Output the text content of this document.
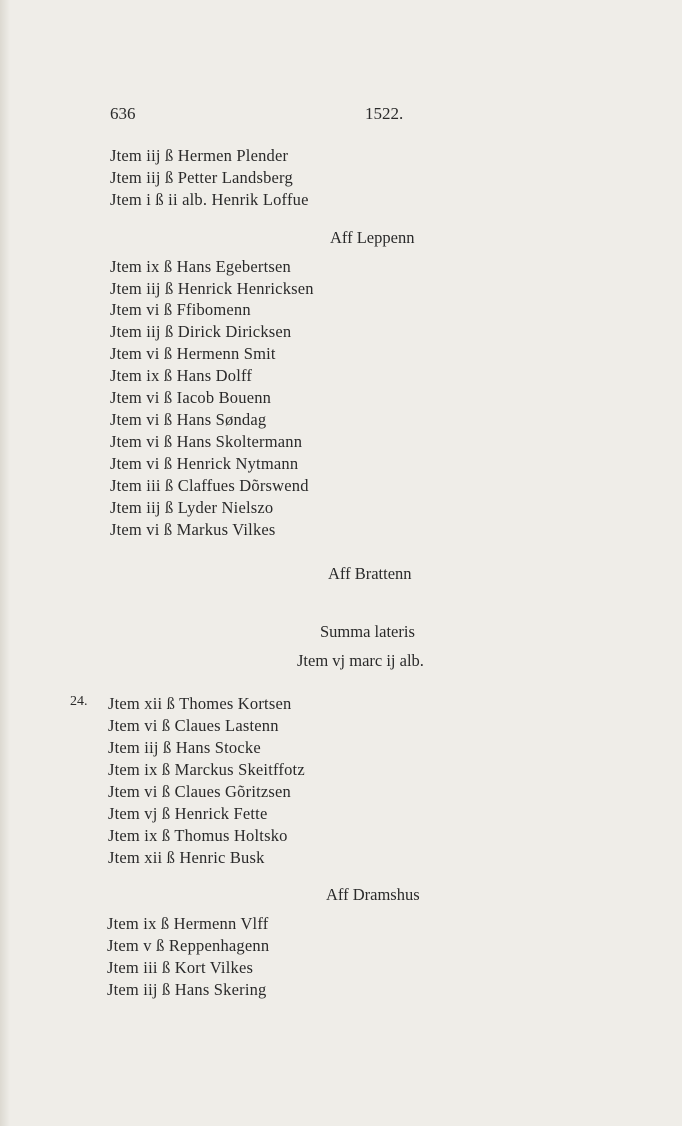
636	1522.
Jtem iij ß Hermen Plender
Jtem iij ß Petter Landsberg
Jtem i ß ii alb. Henrik Loffue
Aff Leppenn
Jtem ix ß Hans Egebertsen
Jtem iij ß Henrick Henricksen
Jtem vi ß Ffibomenn
Jtem iij ß Dirick Diricksen
Jtem vi ß Hermenn Smit
Jtem ix ß Hans Dolff
Jtem vi ß Iacob Bouenn
Jtem vi ß Hans Søndag
Jtem vi ß Hans Skoltermann
Jtem vi ß Henrick Nytmann
Jtem iii ß Claffues Dõrswend
Jtem iij ß Lyder Nielszo
Jtem vi ß Markus Vilkes
Aff Brattenn
Summa lateris
Jtem vj marc ij alb.
24. Jtem xii ß Thomes Kortsen
Jtem vi ß Claues Lastenn
Jtem iij ß Hans Stocke
Jtem ix ß Marckus Skeitffotz
Jtem vi ß Claues Gõritzsen
Jtem vj ß Henrick Fette
Jtem ix ß Thomus Holtsko
Jtem xii ß Henric Busk
Aff Dramshus
Jtem ix ß Hermenn Vlff
Jtem v ß Reppenhagenn
Jtem iii ß Kort Vilkes
Jtem iij ß Hans Skering
